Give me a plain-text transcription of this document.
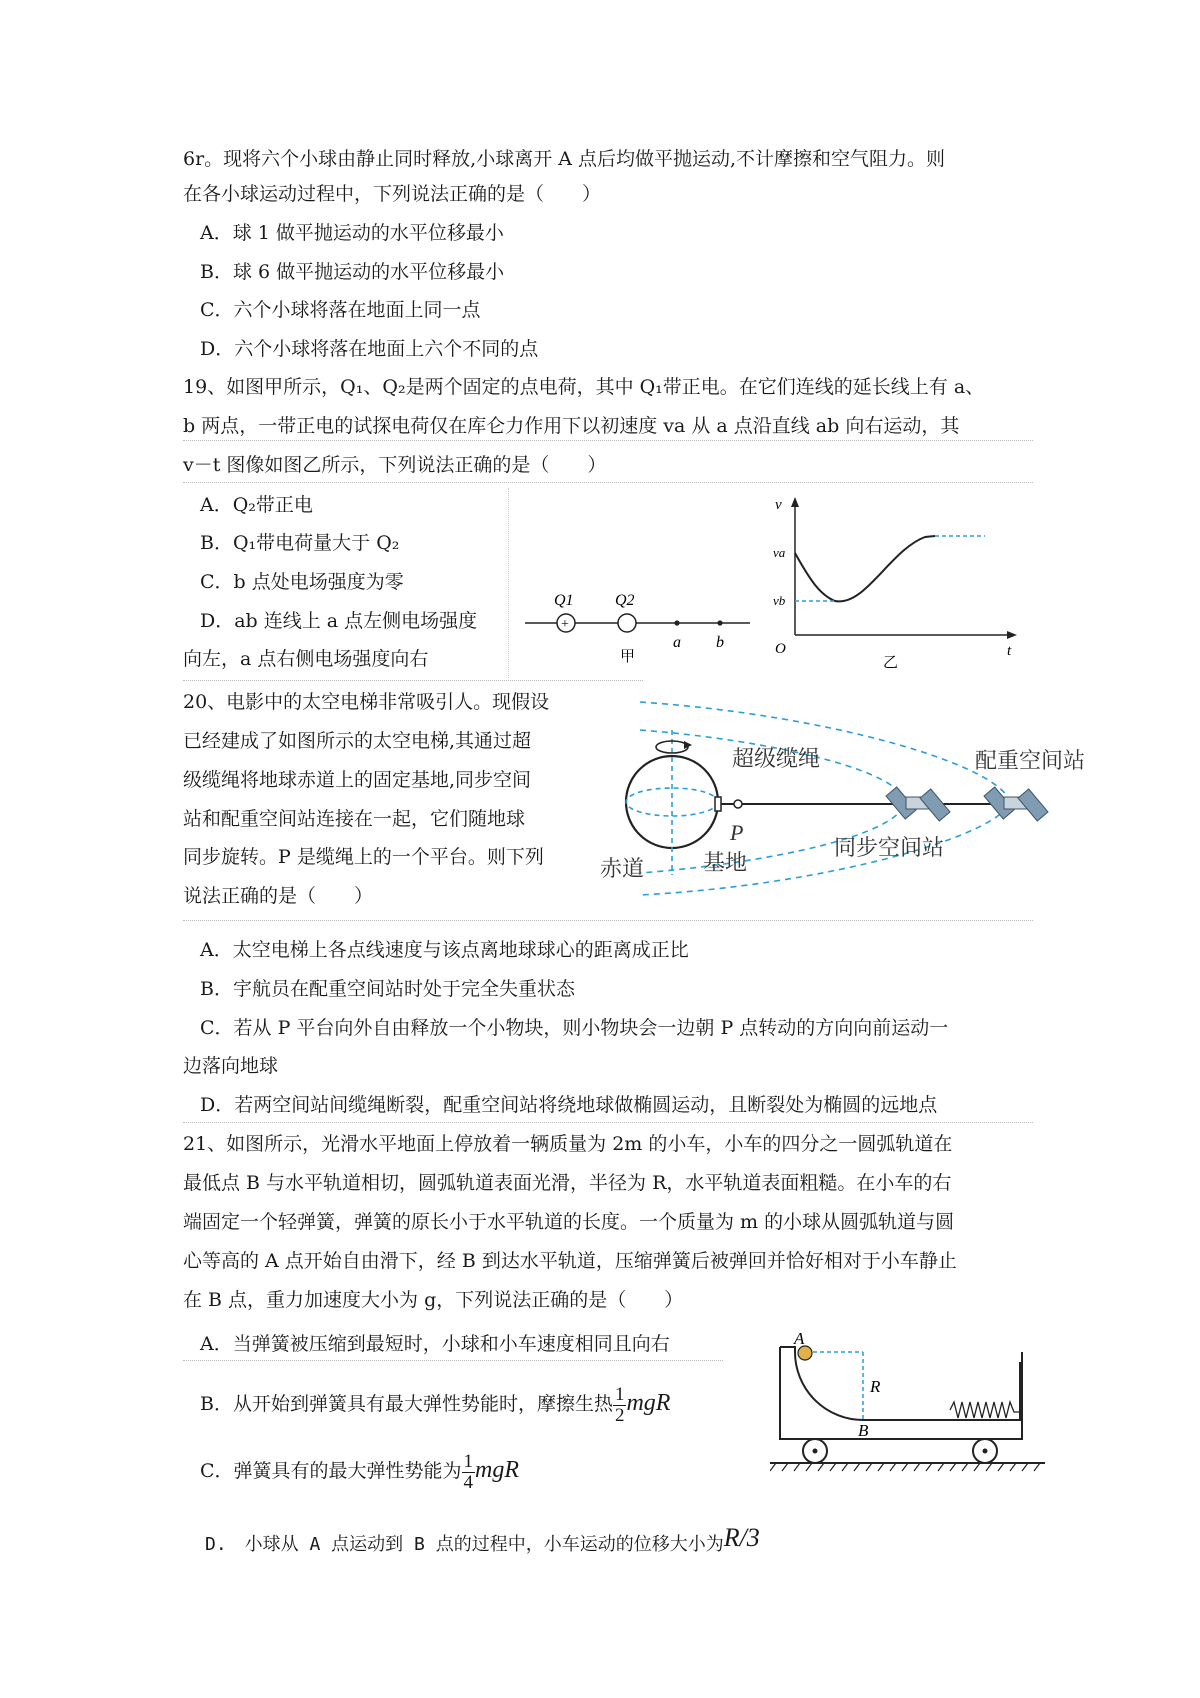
6r。现将六个小球由静止同时释放,小球离开 A 点后均做平抛运动,不计摩擦和空气阻力。则
在各小球运动过程中，下列说法正确的是（　　）
A．球 1 做平抛运动的水平位移最小
B．球 6 做平抛运动的水平位移最小
C．六个小球将落在地面上同一点
D．六个小球将落在地面上六个不同的点
19、如图甲所示，Q₁、Q₂是两个固定的点电荷，其中 Q₁带正电。在它们连线的延长线上有 a、
b 两点，一带正电的试探电荷仅在库仑力作用下以初速度 va 从 a 点沿直线 ab 向右运动，其
v－t 图像如图乙所示，下列说法正确的是（　　）
A．Q₂带正电
B．Q₁带电荷量大于 Q₂
C．b 点处电场强度为零
D．ab 连线上 a 点左侧电场强度
向左，a 点右侧电场强度向右
+
Q1	Q2
a b
甲
v
va
vb
O	t
乙
20、电影中的太空电梯非常吸引人。现假设
已经建成了如图所示的太空电梯,其通过超
级缆绳将地球赤道上的固定基地,同步空间
站和配重空间站连接在一起，它们随地球
同步旋转。P 是缆绳上的一个平台。则下列
说法正确的是（　　）
超级缆绳	配重空间站
P
同步空间站
赤道	基地
A．太空电梯上各点线速度与该点离地球球心的距离成正比
B．宇航员在配重空间站时处于完全失重状态
C．若从 P 平台向外自由释放一个小物块，则小物块会一边朝 P 点转动的方向向前运动一
边落向地球
D．若两空间站间缆绳断裂，配重空间站将绕地球做椭圆运动，且断裂处为椭圆的远地点
21、如图所示，光滑水平地面上停放着一辆质量为 2m 的小车，小车的四分之一圆弧轨道在
最低点 B 与水平轨道相切，圆弧轨道表面光滑，半径为 R，水平轨道表面粗糙。在小车的右
端固定一个轻弹簧，弹簧的原长小于水平轨道的长度。一个质量为 m 的小球从圆弧轨道与圆
心等高的 A 点开始自由滑下，经 B 到达水平轨道，压缩弹簧后被弹回并恰好相对于小车静止
在 B 点，重力加速度大小为 g，下列说法正确的是（　　）
A．当弹簧被压缩到最短时，小球和小车速度相同且向右
B．从开始到弹簧具有最大弹性势能时，摩擦生热 $\frac{1}{2}$ mgR
C．弹簧具有的最大弹性势能为 $\frac{1}{4}$ mgR
D.　小球从 A 点运动到 B 点的过程中，小车运动的位移大小为R/3
A
B
R
